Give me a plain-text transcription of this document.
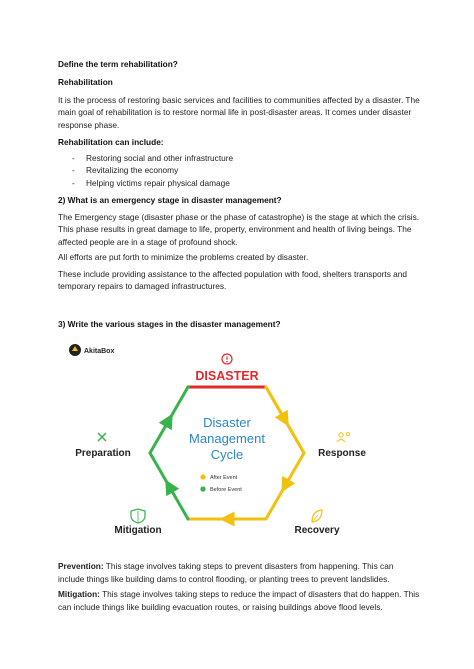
Define the term rehabilitation?

Rehabilitation

It is the process of restoring basic services and facilities to communities affected by a disaster. The main goal of rehabilitation is to restore normal life in post-disaster areas. It comes under disaster response phase.

Rehabilitation can include:

- Restoring social and other infrastructure
- Revitalizing the economy
- Helping victims repair physical damage

2) What is an emergency stage in disaster management?

The Emergency stage (disaster phase or the phase of catastrophe) is the stage at which the crisis. This phase results in great damage to life, property, environment and health of living beings. The affected people are in a stage of profound shock.

All efforts are put forth to minimize the problems created by disaster.

These include providing assistance to the affected population with food, shelters transports and temporary repairs to damaged infrastructures.

3) Write the various stages in the disaster management?

AkitaBox
DISASTER
Disaster
Management
Cycle
After Event
Before Event
Preparation	Response
Mitigation	Recovery

Prevention: This stage involves taking steps to prevent disasters from happening. This can include things like building dams to control flooding, or planting trees to prevent landslides.

Mitigation: This stage involves taking steps to reduce the impact of disasters that do happen. This can include things like building evacuation routes, or raising buildings above flood levels.
